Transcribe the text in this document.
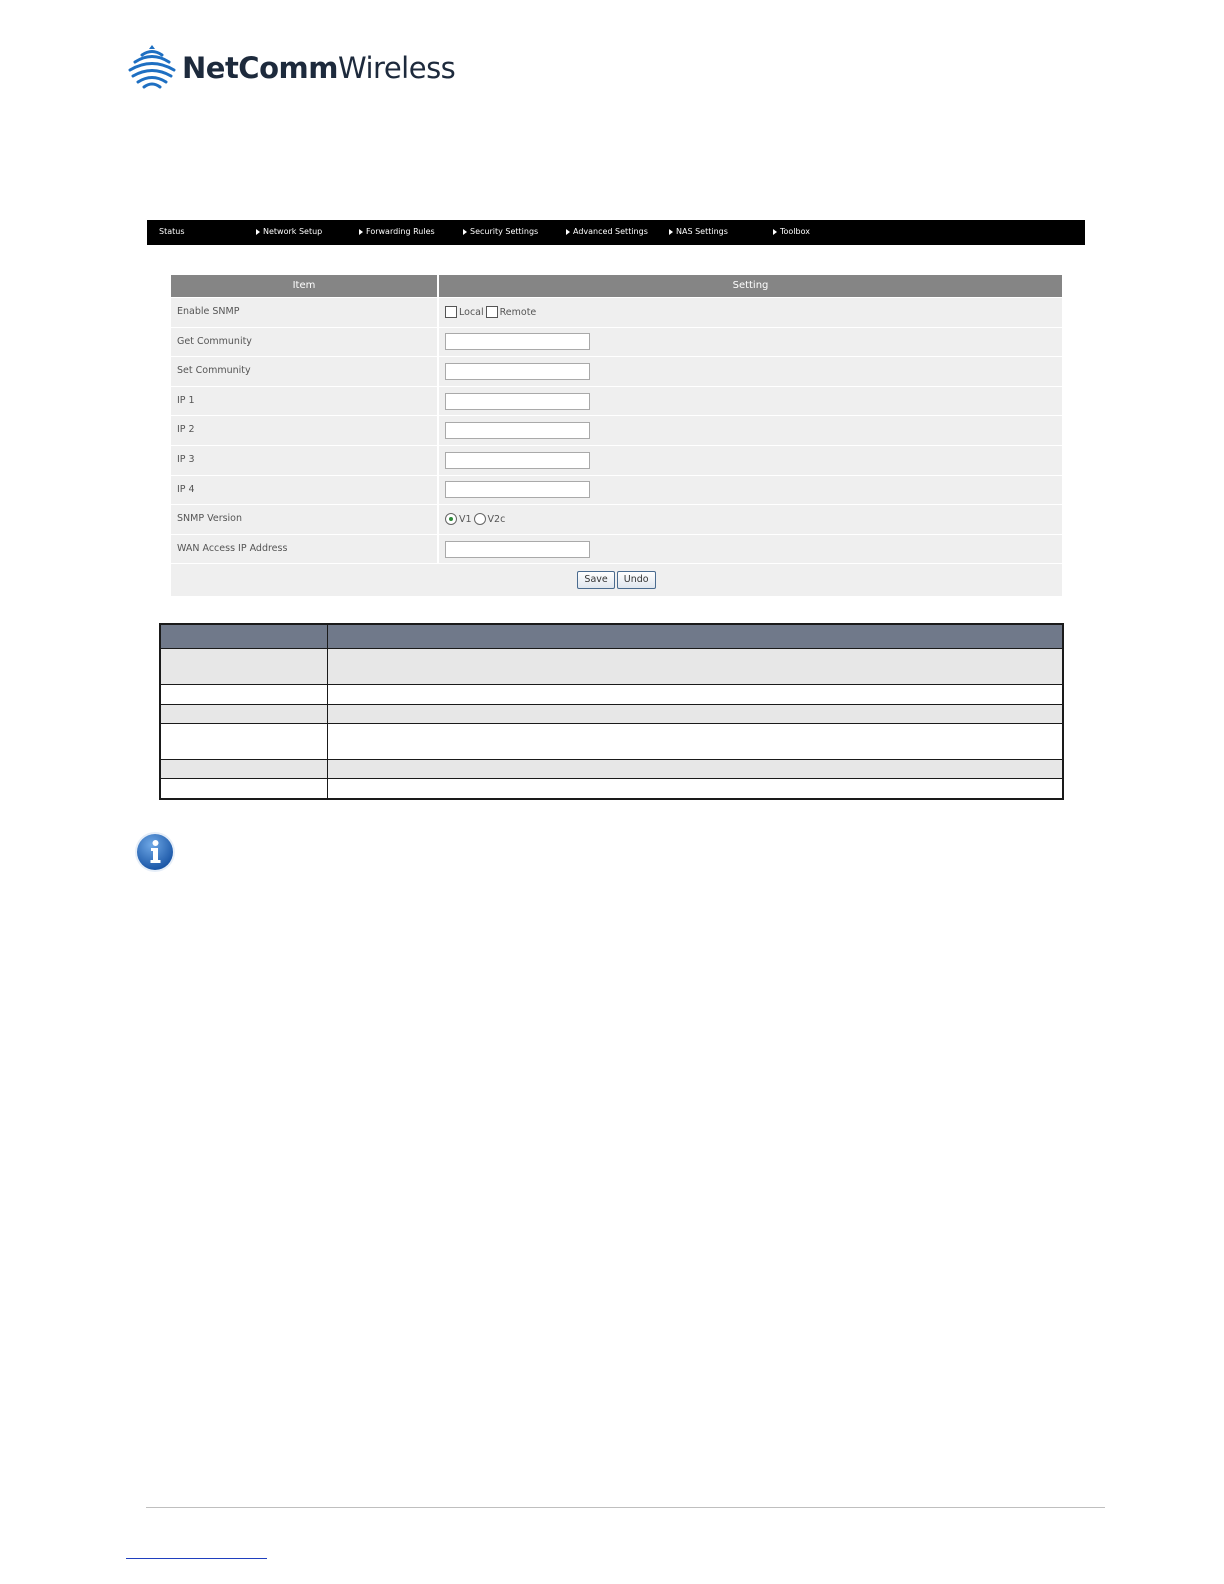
NetCommWireless
Status	Network Setup	Forwarding Rules	Security Settings	Advanced Settings	NAS Settings	Toolbox
Item	Setting
Enable SNMP	Local Remote
Get Community
Set Community
IP 1
IP 2
IP 3
IP 4
SNMP Version	V1 V2c
WAN Access IP Address
Save	Undo
